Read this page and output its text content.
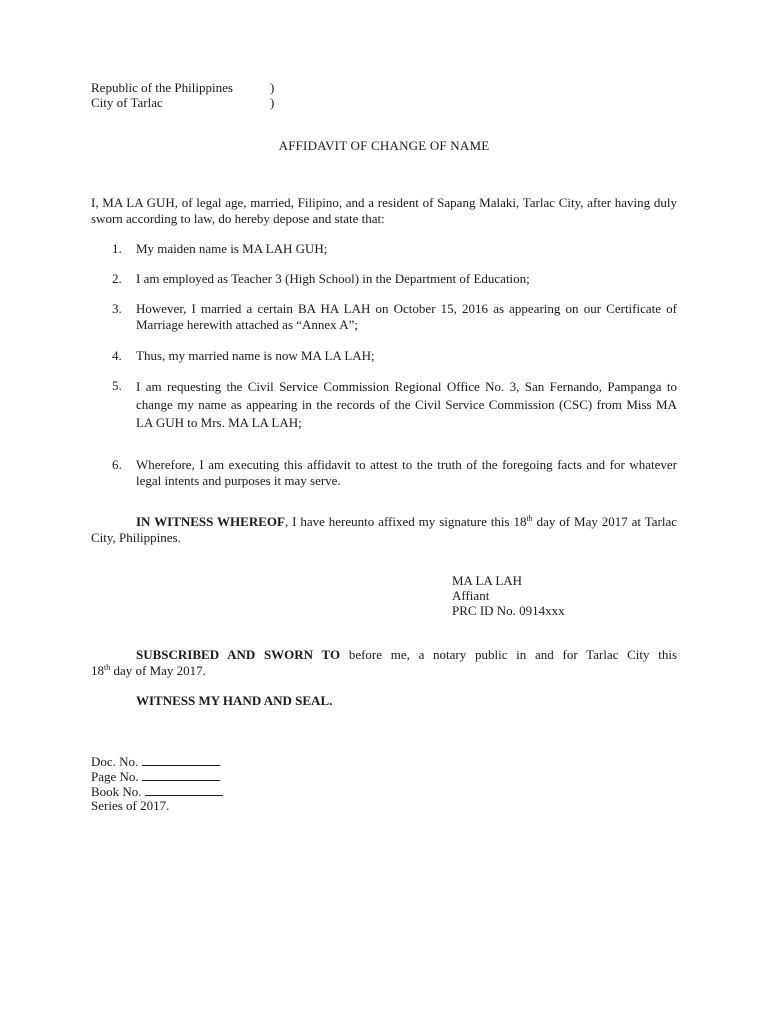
Republic of the Philippines	)
City of Tarlac	)
AFFIDAVIT OF CHANGE OF NAME
I, MA LA GUH, of legal age, married, Filipino, and a resident of Sapang Malaki, Tarlac City, after having duly sworn according to law, do hereby depose and state that:
1.	My maiden name is MA LAH GUH;
2.	I am employed as Teacher 3 (High School) in the Department of Education;
3.	However, I married a certain BA HA LAH on October 15, 2016 as appearing on our Certificate of Marriage herewith attached as “Annex A”;
4.	Thus, my married name is now MA LA LAH;
5.	I am requesting the Civil Service Commission Regional Office No. 3, San Fernando, Pampanga to change my name as appearing in the records of the Civil Service Commission (CSC) from Miss MA LA GUH to Mrs. MA LA LAH;
6.	Wherefore, I am executing this affidavit to attest to the truth of the foregoing facts and for whatever legal intents and purposes it may serve.
IN WITNESS WHEREOF, I have hereunto affixed my signature this 18th day of May 2017 at Tarlac City, Philippines.
MA LA LAH
Affiant
PRC ID No. 0914xxx
SUBSCRIBED AND SWORN TO before me, a notary public in and for Tarlac City this
18th day of May 2017.
WITNESS MY HAND AND SEAL.
Doc. No.
Page No.
Book No.
Series of 2017.
